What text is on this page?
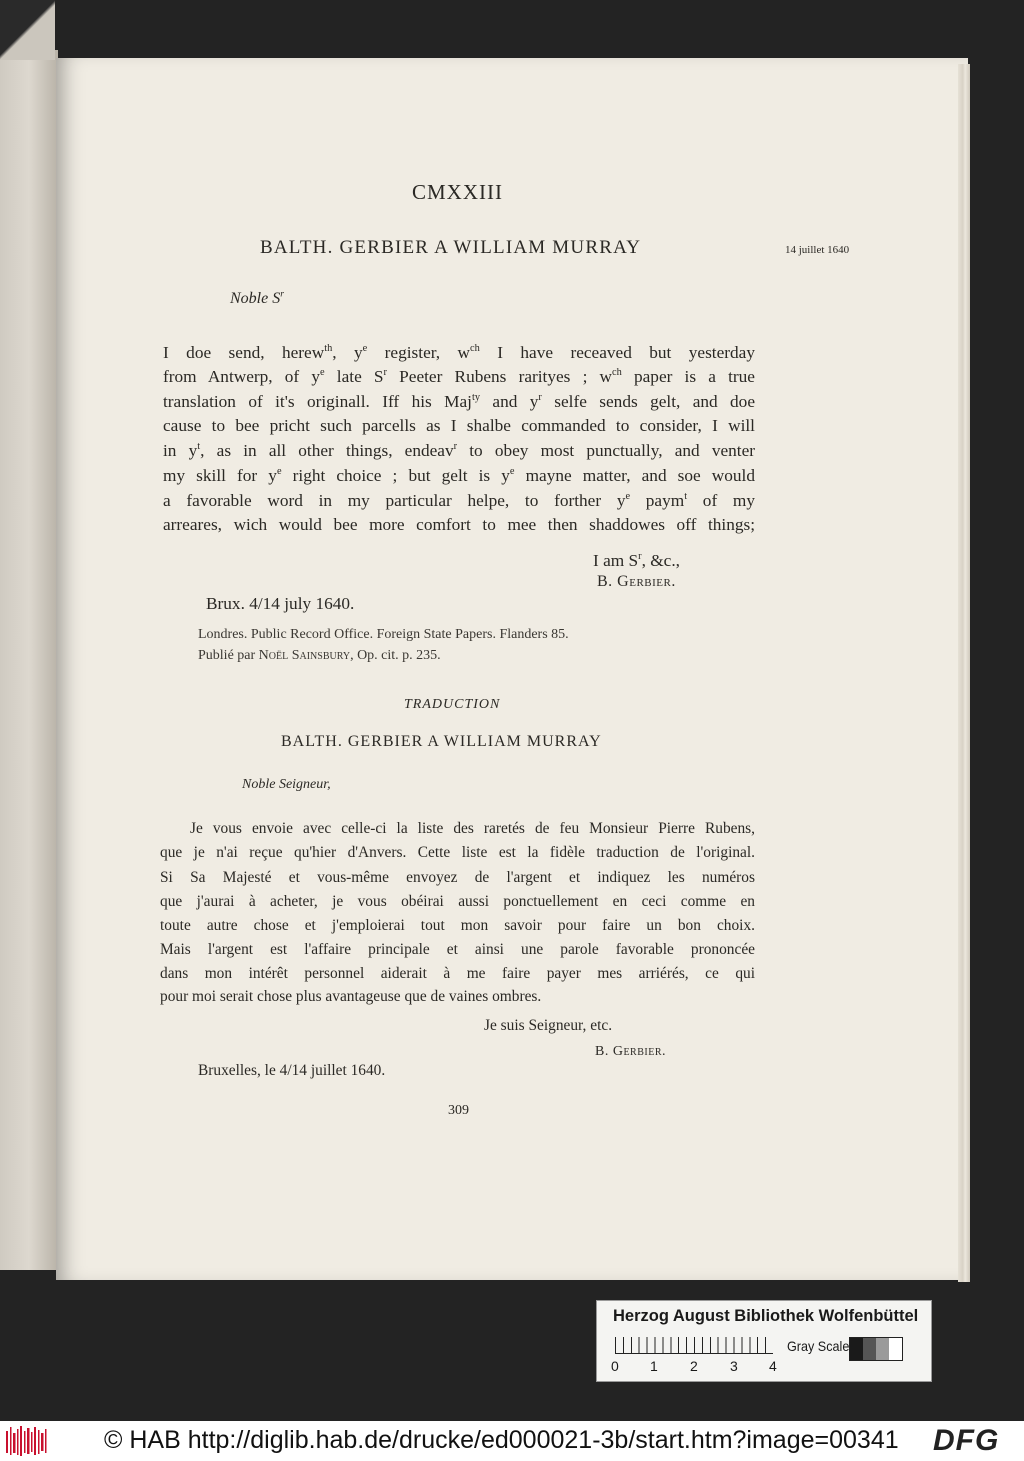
CMXXIII
BALTH. GERBIER A WILLIAM MURRAY	14 juillet 1640
Noble $S^r$
I doe send, herew$^{th}$, $y^e$ register, $w^{ch}$ I have receaved but yesterday
from Antwerp, of $y^e$ late $S^r$ Peeter Rubens rarityes ; $w^{ch}$ paper is a true
translation of it's originall. Iff his Maj$^{ty}$ and $y^r$ selfe sends gelt, and doe
cause to bee pricht such parcells as I shalbe commanded to consider, I will
in $y^t$, as in all other things, endeav$^r$ to obey most punctually, and venter
my skill for $y^e$ right choice ; but gelt is $y^e$ mayne matter, and soe would
a favorable word in my particular helpe, to forther $y^e$ paym$^t$ of my
arreares, wich would bee more comfort to mee then shaddowes off things;
I am $S^r$, &c.,
B. Gerbier.
Brux. 4/14 july 1640.
Londres. Public Record Office. Foreign State Papers. Flanders 85.
Publié par Noël Sainsbury, Op. cit. p. 235.
TRADUCTION
BALTH. GERBIER A WILLIAM MURRAY
Noble Seigneur,
Je vous envoie avec celle-ci la liste des raretés de feu Monsieur Pierre Rubens,
que je n'ai reçue qu'hier d'Anvers. Cette liste est la fidèle traduction de l'original.
Si Sa Majesté et vous-même envoyez de l'argent et indiquez les numéros
que j'aurai à acheter, je vous obéirai aussi ponctuellement en ceci comme en
toute autre chose et j'emploierai tout mon savoir pour faire un bon choix.
Mais l'argent est l'affaire principale et ainsi une parole favorable prononcée
dans mon intérêt personnel aiderait à me faire payer mes arriérés, ce qui
pour moi serait chose plus avantageuse que de vaines ombres.
Je suis Seigneur, etc.
B. Gerbier.
Bruxelles, le 4/14 juillet 1640.
309
Herzog August Bibliothek Wolfenbüttel
0 1 2 3 4
Gray Scale
© HAB http://diglib.hab.de/drucke/ed000021-3b/start.htm?image=00341 DFG
